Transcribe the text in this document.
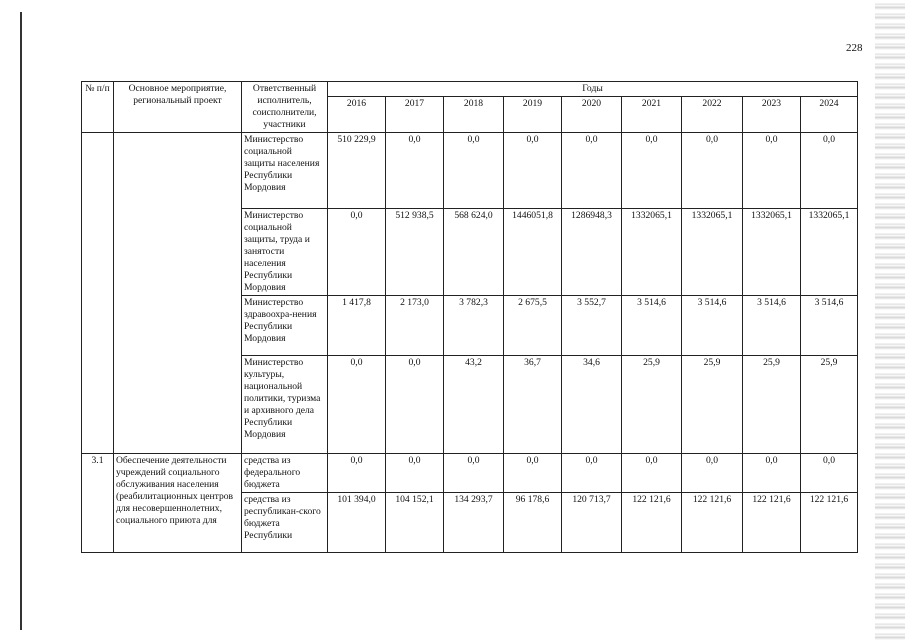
228
№ п/п	Основное мероприятие, региональный проект	Ответственный исполнитель, соисполнители, участники	Годы								
			2016	2017	2018	2019	2020	2021	2022	2023	2024
		Министерство социальной защиты населения Республики Мордовия	510 229,9	0,0	0,0	0,0	0,0	0,0	0,0	0,0	0,0
		Министерство социальной защиты, труда и занятости населения Республики Мордовия	0,0	512 938,5	568 624,0	1446051,8	1286948,3	1332065,1	1332065,1	1332065,1	1332065,1
		Министерство здравоохра-нения Республики Мордовия	1 417,8	2 173,0	3 782,3	2 675,5	3 552,7	3 514,6	3 514,6	3 514,6	3 514,6
		Министерство культуры, национальной политики, туризма и архивного дела Республики Мордовия	0,0	0,0	43,2	36,7	34,6	25,9	25,9	25,9	25,9
3.1	Обеспечение деятельности учреждений социального обслуживания населения (реабилитационных центров для несовершеннолетних, социального приюта для	средства из федерального бюджета	0,0	0,0	0,0	0,0	0,0	0,0	0,0	0,0	0,0
		средства из республикан-ского бюджета Республики	101 394,0	104 152,1	134 293,7	96 178,6	120 713,7	122 121,6	122 121,6	122 121,6	122 121,6
